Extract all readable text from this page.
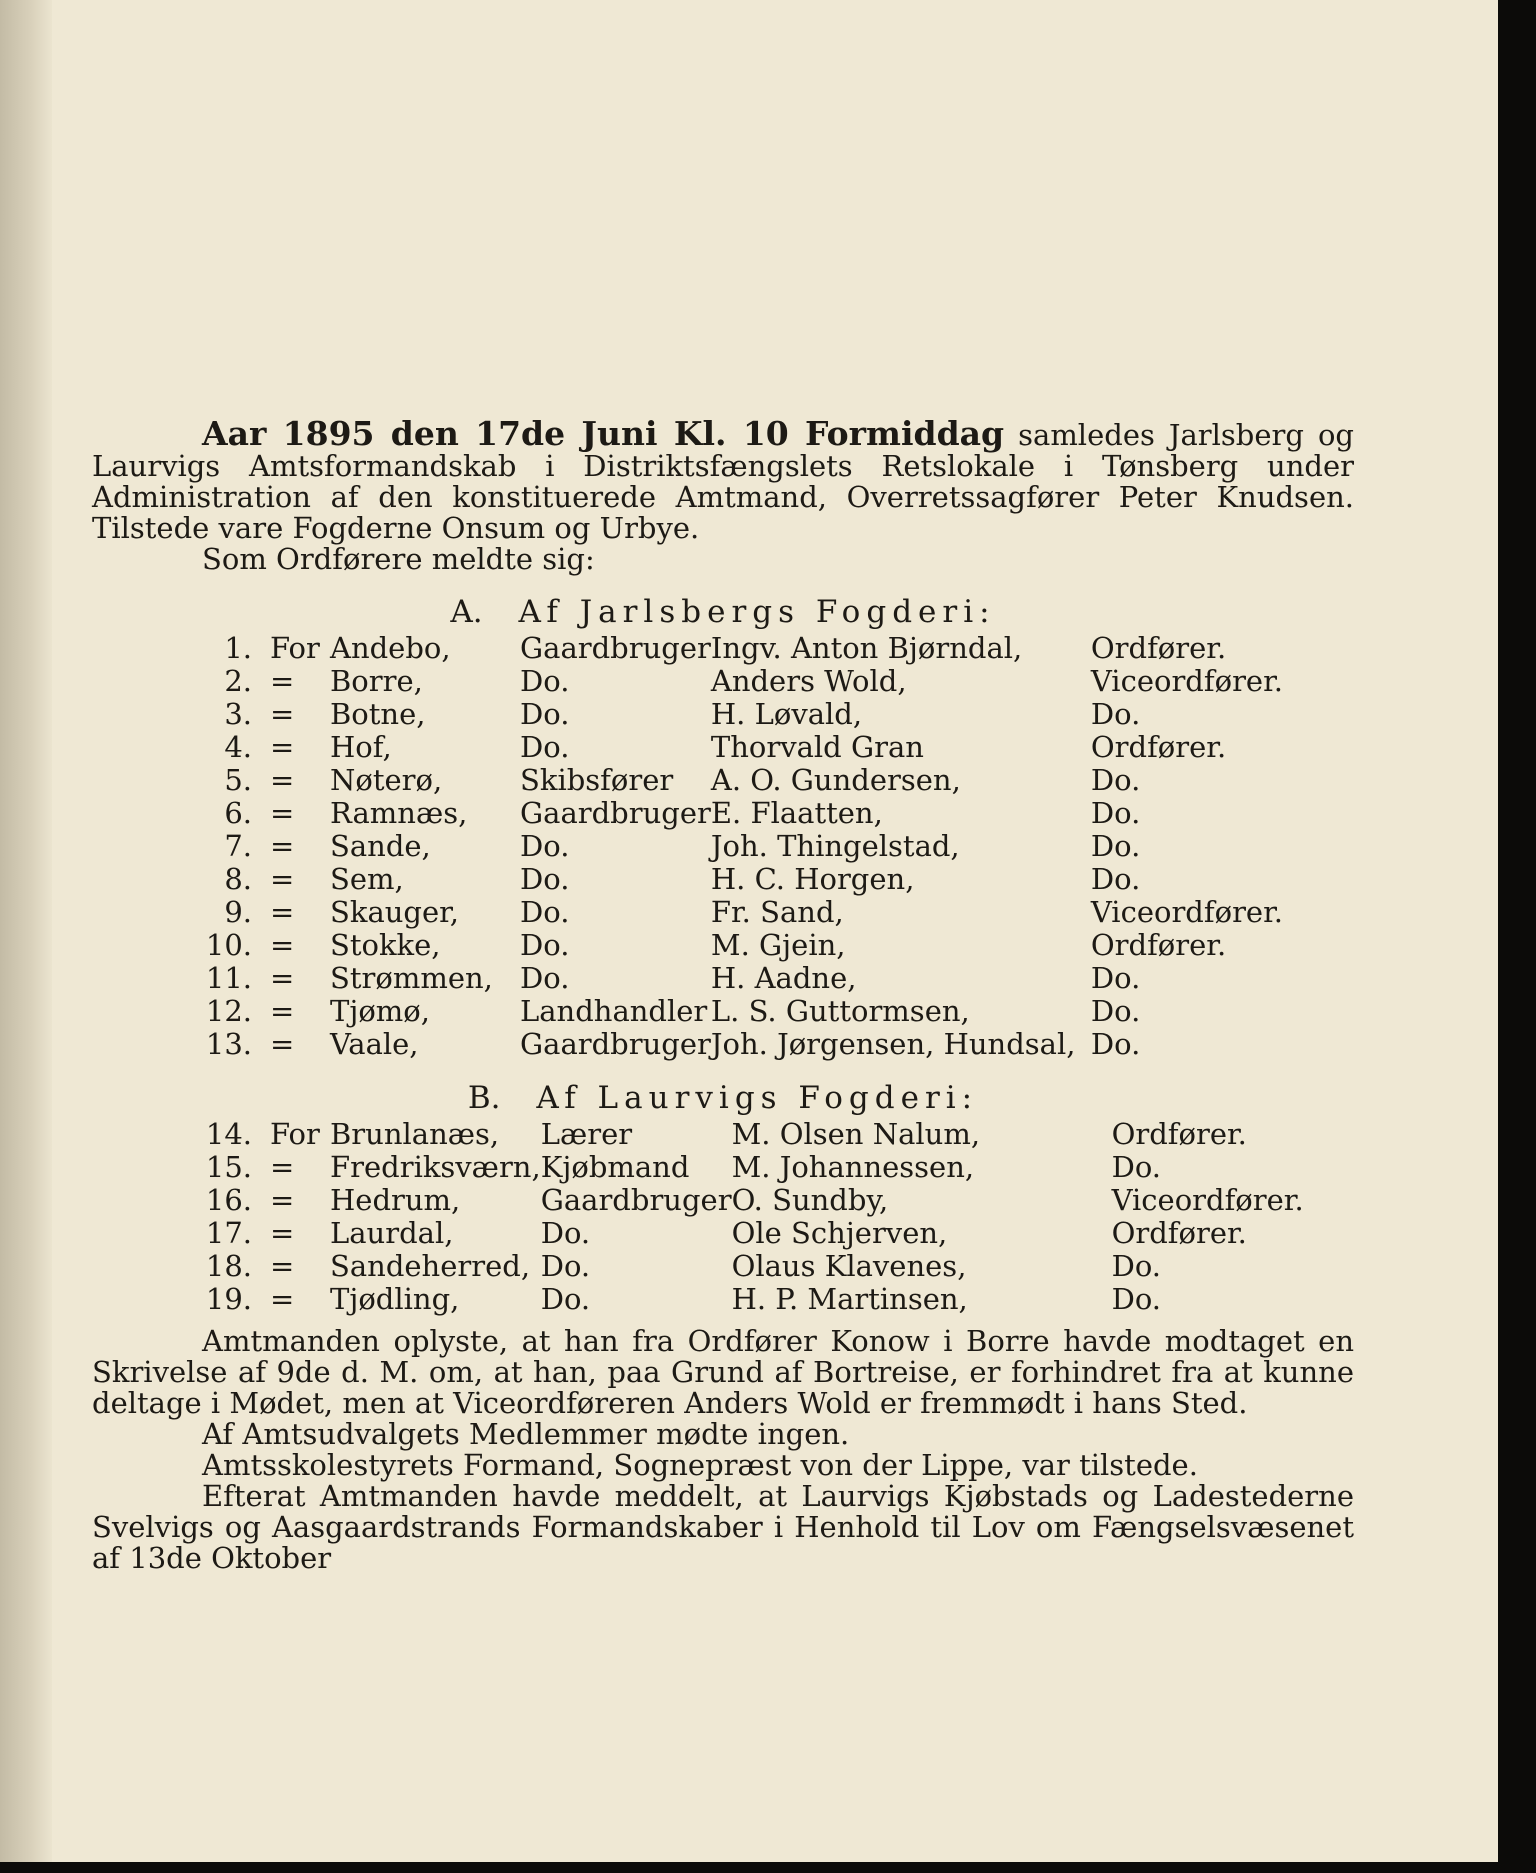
Aar 1895 den 17de Juni Kl. 10 Formiddag samledes Jarlsberg og Laurvigs Amtsformandskab i Distriktsfængslets Retslokale i Tønsberg under Administration af den konstituerede Amtmand, Overretssagfører Peter Knudsen. Tilstede vare Fogderne Onsum og Urbye.

Som Ordførere meldte sig:

A. Af Jarlsbergs Fogderi:
1.	For	Andebo,	Gaardbruger	Ingv. Anton Bjørndal,	Ordfører.
2.	=	Borre,	Do.	Anders Wold,	Viceordfører.
3.	=	Botne,	Do.	H. Løvald,	Do.
4.	=	Hof,	Do.	Thorvald Gran	Ordfører.
5.	=	Nøterø,	Skibsfører	A. O. Gundersen,	Do.
6.	=	Ramnæs,	Gaardbruger	E. Flaatten,	Do.
7.	=	Sande,	Do.	Joh. Thingelstad,	Do.
8.	=	Sem,	Do.	H. C. Horgen,	Do.
9.	=	Skauger,	Do.	Fr. Sand,	Viceordfører.
10.	=	Stokke,	Do.	M. Gjein,	Ordfører.
11.	=	Strømmen,	Do.	H. Aadne,	Do.
12.	=	Tjømø,	Landhandler	L. S. Guttormsen,	Do.
13.	=	Vaale,	Gaardbruger	Joh. Jørgensen, Hundsal,	Do.
B. Af Laurvigs Fogderi:
14.	For	Brunlanæs,	Lærer	M. Olsen Nalum,	Ordfører.
15.	=	Fredriksværn,	Kjøbmand	M. Johannessen,	Do.
16.	=	Hedrum,	Gaardbruger	O. Sundby,	Viceordfører.
17.	=	Laurdal,	Do.	Ole Schjerven,	Ordfører.
18.	=	Sandeherred,	Do.	Olaus Klavenes,	Do.
19.	=	Tjødling,	Do.	H. P. Martinsen,	Do.

Amtmanden oplyste, at han fra Ordfører Konow i Borre havde modtaget en Skrivelse af 9de d. M. om, at han, paa Grund af Bortreise, er forhindret fra at kunne deltage i Mødet, men at Viceordføreren Anders Wold er fremmødt i hans Sted.

Af Amtsudvalgets Medlemmer mødte ingen.

Amtsskolestyrets Formand, Sognepræst von der Lippe, var tilstede.

Efterat Amtmanden havde meddelt, at Laurvigs Kjøbstads og Ladestederne Svelvigs og Aasgaardstrands Formandskaber i Henhold til Lov om Fængselsvæsenet af 13de Oktober
